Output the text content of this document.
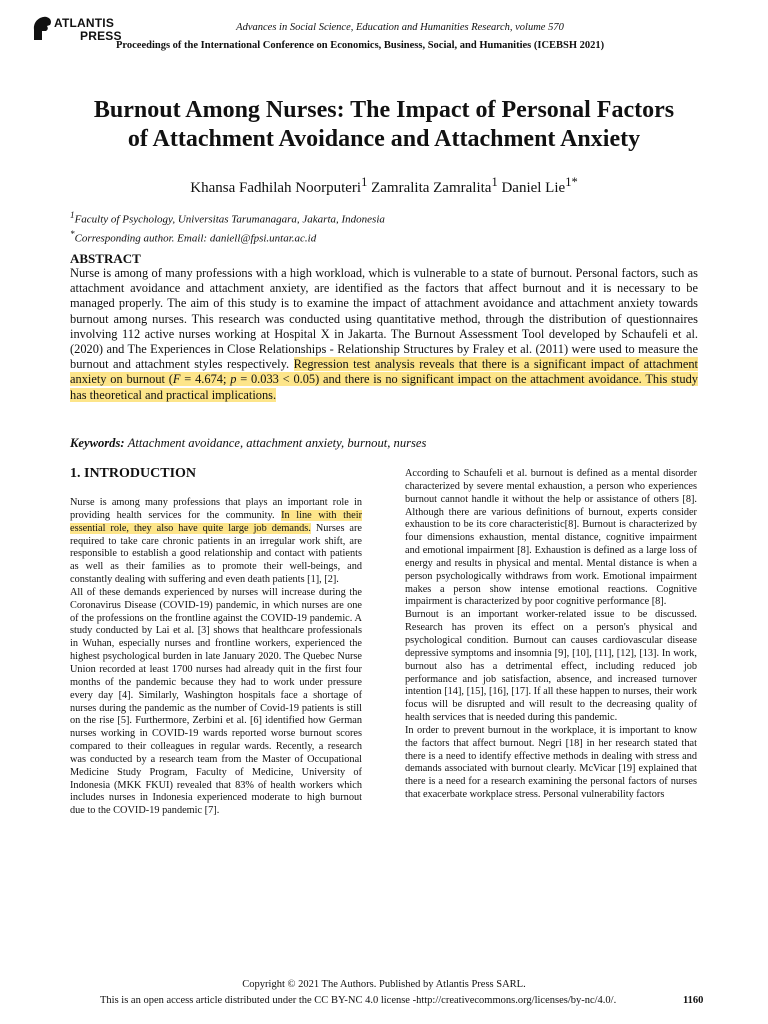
ATLANTIS
PRESS
Advances in Social Science, Education and Humanities Research, volume 570
Proceedings of the International Conference on Economics, Business, Social, and Humanities (ICEBSH 2021)
Burnout Among Nurses: The Impact of Personal Factors
of Attachment Avoidance and Attachment Anxiety
Khansa Fadhilah Noorputeri$^1$ Zamralita Zamralita$^1$ Daniel Lie$^{1*}$
$^1$Faculty of Psychology, Universitas Tarumanagara, Jakarta, Indonesia
*Corresponding author. Email: daniell@fpsi.untar.ac.id
ABSTRACT
Nurse is among of many professions with a high workload, which is vulnerable to a state of burnout. Personal factors, such as attachment avoidance and attachment anxiety, are identified as the factors that affect burnout and it is necessary to be managed properly. The aim of this study is to examine the impact of attachment avoidance and attachment anxiety towards burnout among nurses. This research was conducted using quantitative method, through the distribution of questionnaires involving 112 active nurses working at Hospital X in Jakarta. The Burnout Assessment Tool developed by Schaufeli et al. (2020) and The Experiences in Close Relationships - Relationship Structures by Fraley et al. (2011) were used to measure the burnout and attachment styles respectively. Regression test analysis reveals that there is a significant impact of attachment anxiety on burnout (F = 4.674; p = 0.033 < 0.05) and there is no significant impact on the attachment avoidance. This study has theoretical and practical implications.
Keywords: Attachment avoidance, attachment anxiety, burnout, nurses
1. INTRODUCTION

Nurse is among many professions that plays an important role in providing health services for the community. In line with their essential role, they also have quite large job demands. Nurses are required to take care chronic patients in an irregular work shift, are responsible to establish a good relationship and contact with patients as well as their families as to promote their well-beings, and constantly dealing with suffering and even death patients [1], [2].

All of these demands experienced by nurses will increase during the Coronavirus Disease (COVID-19) pandemic, in which nurses are one of the professions on the frontline against the COVID-19 pandemic. A study conducted by Lai et al. [3] shows that healthcare professionals in Wuhan, especially nurses and frontline workers, experienced the highest psychological burden in late January 2020. The Quebec Nurse Union recorded at least 1700 nurses had already quit in the first four months of the pandemic because they had to work under pressure every day [4]. Similarly, Washington hospitals face a shortage of nurses during the pandemic as the number of Covid-19 patients is still on the rise [5]. Furthermore, Zerbini et al. [6] identified how German nurses working in COVID-19 wards reported worse burnout scores compared to their colleagues in regular wards. Recently, a research was conducted by a research team from the Master of Occupational Medicine Study Program, Faculty of Medicine, University of Indonesia (MKK FKUI) revealed that 83% of health workers which includes nurses in Indonesia experienced moderate to high burnout due to the COVID-19 pandemic [7].

According to Schaufeli et al. burnout is defined as a mental disorder characterized by severe mental exhaustion, a person who experiences burnout cannot handle it without the help or assistance of others [8]. Although there are various definitions of burnout, experts consider exhaustion to be its core characteristic[8]. Burnout is characterized by four dimensions exhaustion, mental distance, cognitive impairment and emotional impairment [8]. Exhaustion is defined as a large loss of energy and results in physical and mental. Mental distance is when a person psychologically withdraws from work. Emotional impairment makes a person show intense emotional reactions. Cognitive impairment is characterized by poor cognitive performance [8].

Burnout is an important worker-related issue to be discussed. Research has proven its effect on a person's physical and psychological condition. Burnout can causes cardiovascular disease depressive symptoms and insomnia [9], [10], [11], [12], [13]. In work, burnout also has a detrimental effect, including reduced job performance and job satisfaction, absence, and increased turnover intention [14], [15], [16], [17]. If all these happen to nurses, their work focus will be disrupted and will result to the decreasing quality of health services that is needed during this pandemic.

In order to prevent burnout in the workplace, it is important to know the factors that affect burnout. Negri [18] in her research stated that there is a need to identify effective methods in dealing with stress and demands associated with burnout clearly. McVicar [19] explained that there is a need for a research examining the personal factors of nurses that exacerbate workplace stress. Personal vulnerability factors

Copyright © 2021 The Authors. Published by Atlantis Press SARL.
This is an open access article distributed under the CC BY-NC 4.0 license -http://creativecommons.org/licenses/by-nc/4.0/.	1160
